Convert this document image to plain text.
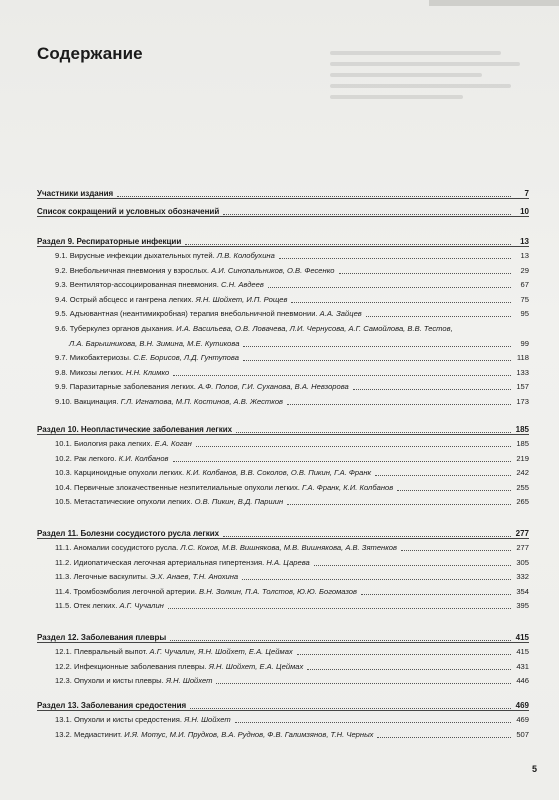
Содержание
Участники издания	7
Список сокращений и условных обозначений	10
Раздел 9. Респираторные инфекции	13
9.1. Вирусные инфекции дыхательных путей. Л.В. Колобухина	13
9.2. Внебольничная пневмония у взрослых. А.И. Синопальников, О.В. Фесенко	29
9.3. Вентилятор-ассоциированная пневмония. С.Н. Авдеев	67
9.4. Острый абсцесс и гангрена легких. Я.Н. Шойхет, И.П. Рощев	75
9.5. Адъювантная (неантимикробная) терапия внебольничной пневмонии. А.А. Зайцев	95
9.6. Туберкулез органов дыхания. И.А. Васильева, О.В. Ловачева, Л.И. Чернусова, А.Г. Самойлова, В.В. Тестов,
Л.А. Барышникова, В.Н. Зимина, М.Е. Кутикова	99
9.7. Микобактериозы. С.Е. Борисов, Л.Д. Гунтупова	118
9.8. Микозы легких. Н.Н. Климко	133
9.9. Паразитарные заболевания легких. А.Ф. Попов, Г.И. Суханова, В.А. Невзорова	157
9.10. Вакцинация. Г.Л. Игнатова, М.П. Костинов, А.В. Жестков	173
Раздел 10. Неопластические заболевания легких	185
10.1. Биология рака легких. Е.А. Коган	185
10.2. Рак легкого. К.И. Колбанов	219
10.3. Карциноидные опухоли легких. К.И. Колбанов, В.В. Соколов, О.В. Пикин, Г.А. Франк	242
10.4. Первичные злокачественные незпителиальные опухоли легких. Г.А. Франк, К.И. Колбанов	255
10.5. Метастатические опухоли легких. О.В. Пикин, В.Д. Паршин	265
Раздел 11. Болезни сосудистого русла легких	277
11.1. Аномалии сосудистого русла. Л.С. Коков, М.В. Вишнякова, М.В. Вишнякова, А.В. Зятенков	277
11.2. Идиопатическая легочная артериальная гипертензия. Н.А. Царева	305
11.3. Легочные васкулиты. Э.Х. Анаев, Т.Н. Анохина	332
11.4. Тромбоэмболия легочной артерии. В.Н. Золкин, П.А. Толстов, Ю.Ю. Богомазов	354
11.5. Отек легких. А.Г. Чучалин	395
Раздел 12. Заболевания плевры	415
12.1. Плевральный выпот. А.Г. Чучалин, Я.Н. Шойхет, Е.А. Цеймах	415
12.2. Инфекционные заболевания плевры. Я.Н. Шойхет, Е.А. Цеймах	431
12.3. Опухоли и кисты плевры. Я.Н. Шойхет	446
Раздел 13. Заболевания средостения	469
13.1. Опухоли и кисты средостения. Я.Н. Шойхет	469
13.2. Медиастинит. И.Я. Мотус, М.И. Прудков, В.А. Руднов, Ф.В. Галимзянов, Т.Н. Черных	507
5
